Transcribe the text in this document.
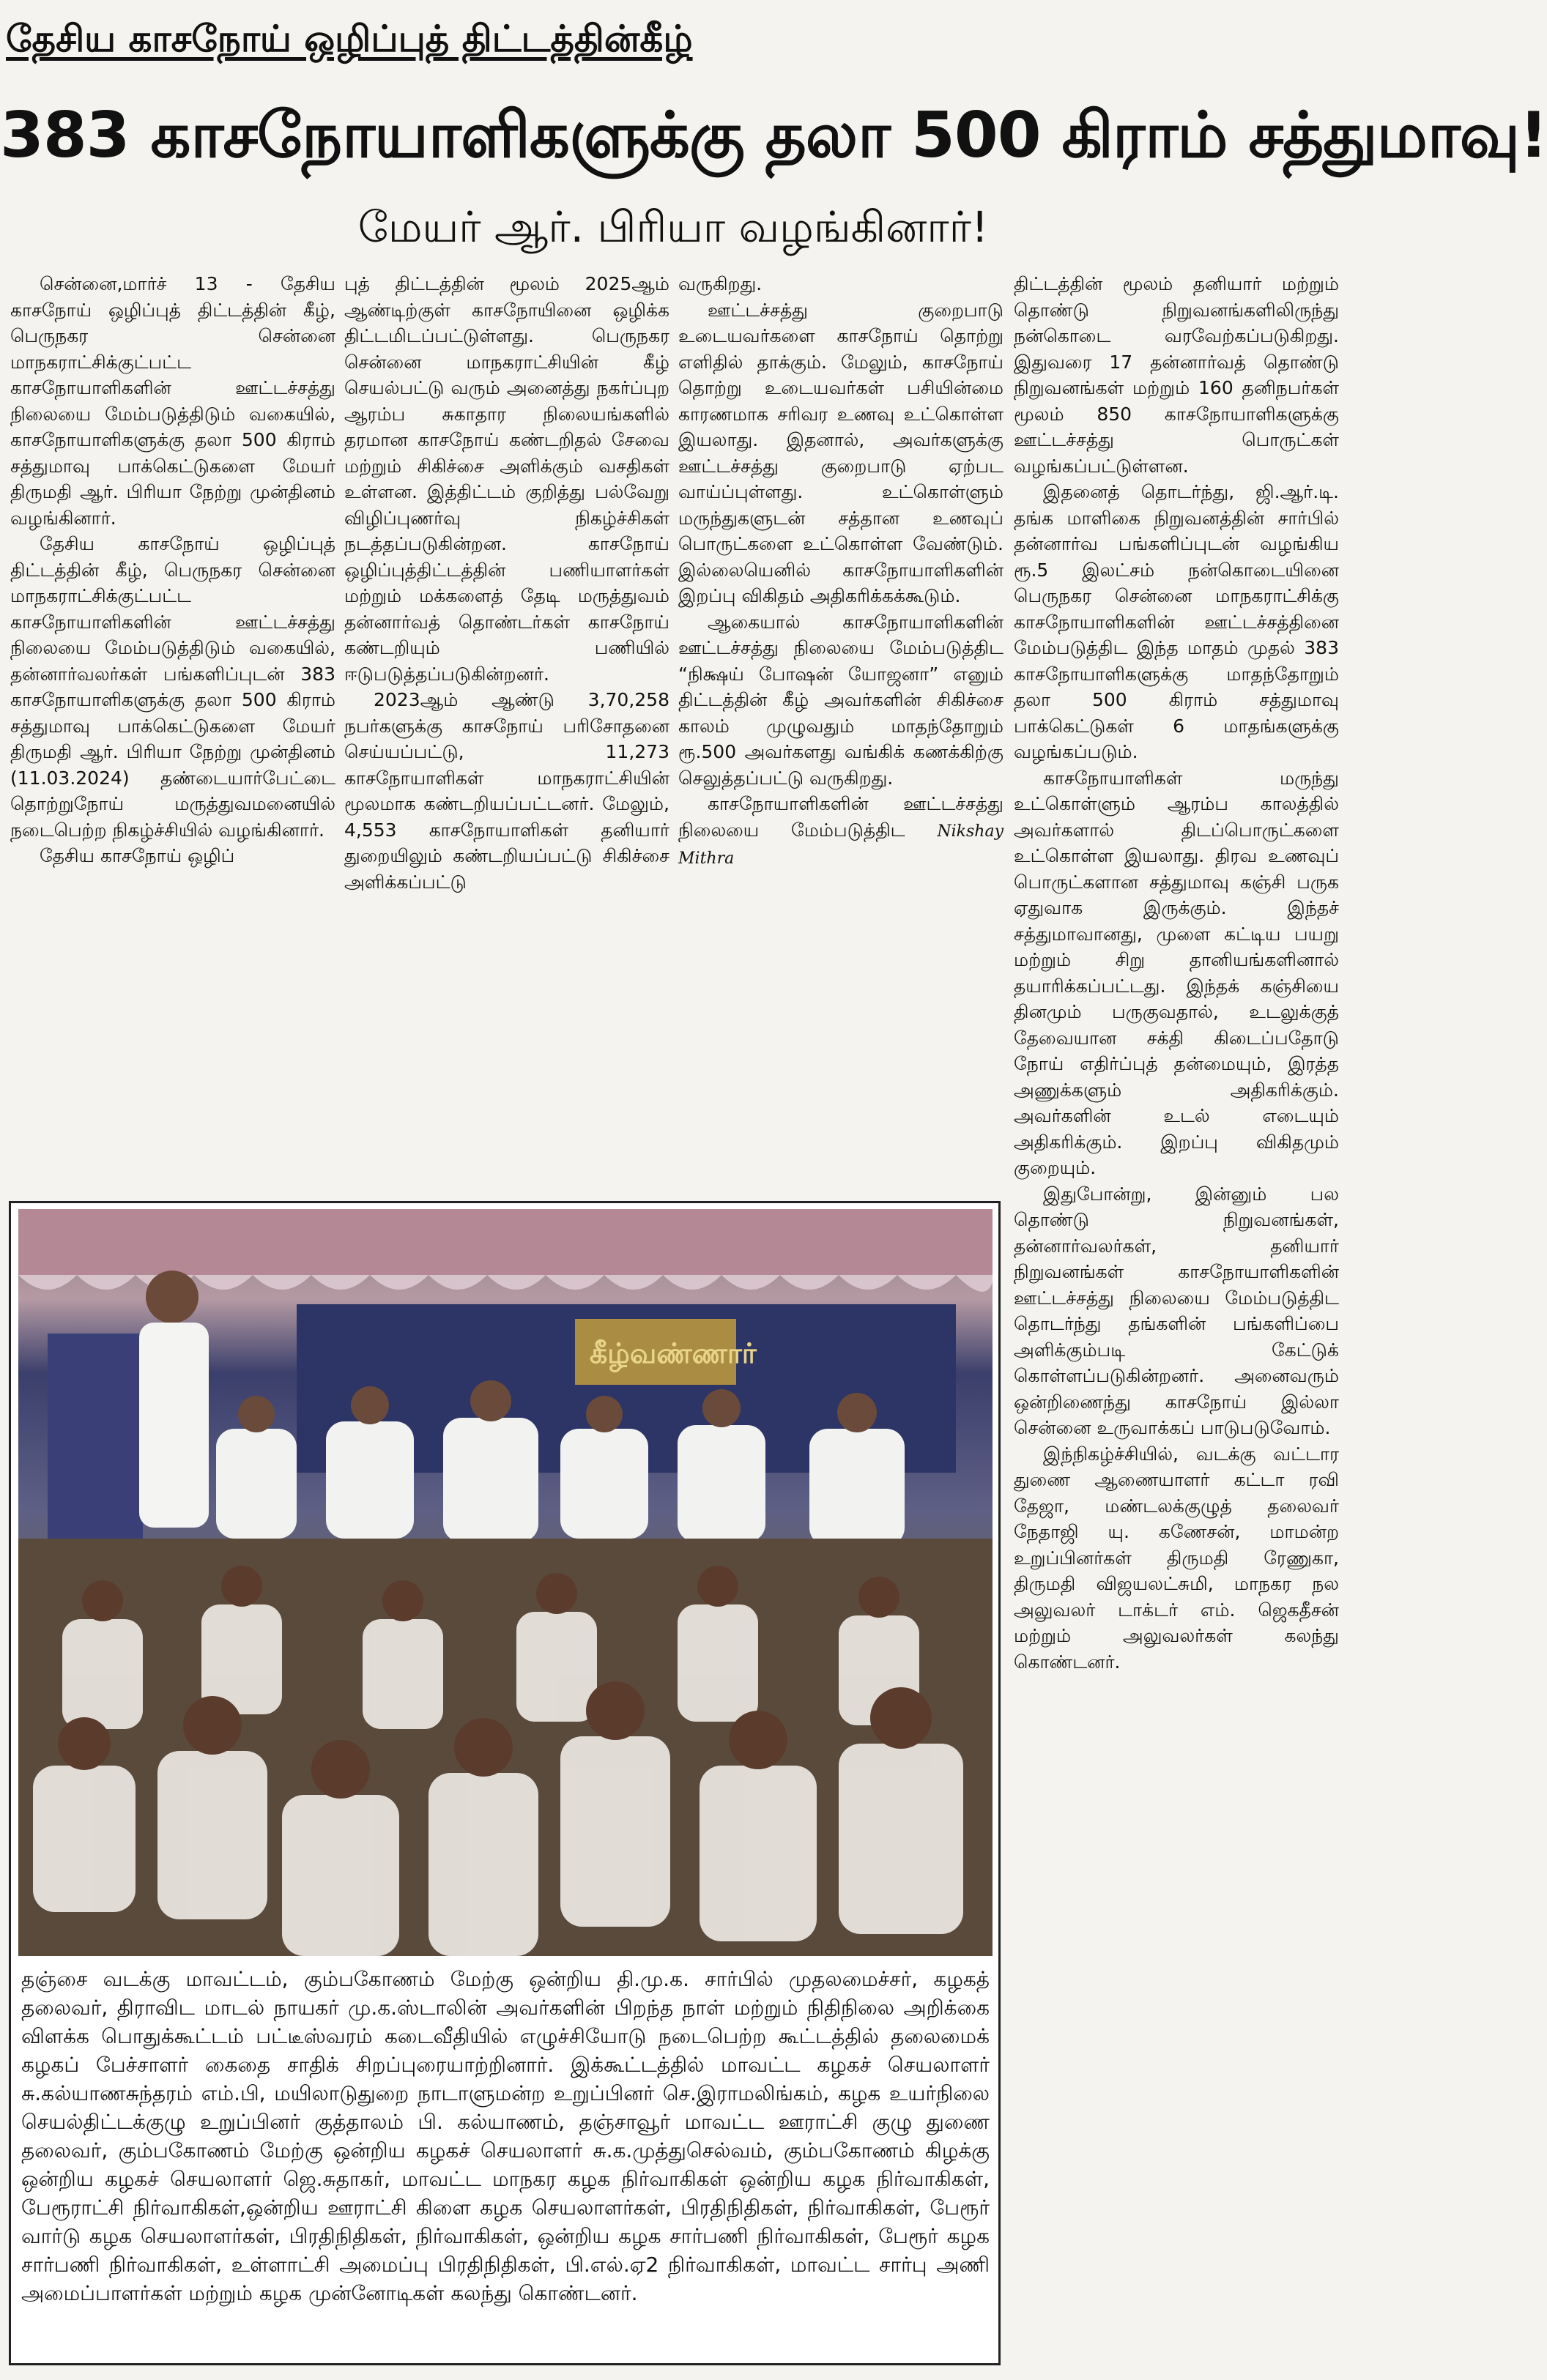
தேசிய காசநோய் ஒழிப்புத் திட்டத்தின்கீழ்
383 காசநோயாளிகளுக்கு தலா 500 கிராம் சத்துமாவு!
மேயர் ஆர். பிரியா வழங்கினார்!

சென்னை,மார்ச் 13 - தேசிய காசநோய் ஒழிப்புத் திட்டத்தின் கீழ், பெருநகர சென்னை மாநகராட்சிக்குட்பட்ட காசநோயாளிகளின் ஊட்டச்சத்து நிலையை மேம்படுத்திடும் வகையில், காசநோயாளிகளுக்கு தலா 500 கிராம் சத்துமாவு பாக்கெட்டுகளை மேயர் திருமதி ஆர். பிரியா நேற்று முன்தினம் வழங்கினார்.

தேசிய காசநோய் ஒழிப்புத் திட்டத்தின் கீழ், பெருநகர சென்னை மாநகராட்சிக்குட்பட்ட காசநோயாளிகளின் ஊட்டச்சத்து நிலையை மேம்படுத்திடும் வகையில், தன்னார்வலர்கள் பங்களிப்புடன் 383 காசநோயாளிகளுக்கு தலா 500 கிராம் சத்துமாவு பாக்கெட்டுகளை மேயர் திருமதி ஆர். பிரியா நேற்று முன்தினம் (11.03.2024) தண்டையார்பேட்டை தொற்றுநோய் மருத்துவமனையில் நடைபெற்ற நிகழ்ச்சியில் வழங்கினார்.

தேசிய காசநோய் ஒழிப்

புத் திட்டத்தின் மூலம் 2025ஆம் ஆண்டிற்குள் காசநோயினை ஒழிக்க திட்டமிடப்பட்டுள்ளது. பெருநகர சென்னை மாநகராட்சியின் கீழ் செயல்பட்டு வரும் அனைத்து நகர்ப்புற ஆரம்ப சுகாதார நிலையங்களில் தரமான காசநோய் கண்டறிதல் சேவை மற்றும் சிகிச்சை அளிக்கும் வசதிகள் உள்ளன. இத்திட்டம் குறித்து பல்வேறு விழிப்புணர்வு நிகழ்ச்சிகள் நடத்தப்படுகின்றன. காசநோய் ஒழிப்புத்திட்டத்தின் பணியாளர்கள் மற்றும் மக்களைத் தேடி மருத்துவம் தன்னார்வத் தொண்டர்கள் காசநோய் கண்டறியும் பணியில் ஈடுபடுத்தப்படுகின்றனர்.

2023ஆம் ஆண்டு 3,70,258 நபர்களுக்கு காசநோய் பரிசோதனை செய்யப்பட்டு, 11,273 காசநோயாளிகள் மாநகராட்சியின் மூலமாக கண்டறியப்பட்டனர். மேலும், 4,553 காசநோயாளிகள் தனியார் துறையிலும் கண்டறியப்பட்டு சிகிச்சை அளிக்கப்பட்டு

வருகிறது.

ஊட்டச்சத்து குறைபாடு உடையவர்களை காசநோய் தொற்று எளிதில் தாக்கும். மேலும், காசநோய் தொற்று உடையவர்கள் பசியின்மை காரணமாக சரிவர உணவு உட்கொள்ள இயலாது. இதனால், அவர்களுக்கு ஊட்டச்சத்து குறைபாடு ஏற்பட வாய்ப்புள்ளது. உட்கொள்ளும் மருந்துகளுடன் சத்தான உணவுப் பொருட்களை உட்கொள்ள வேண்டும். இல்லையெனில் காசநோயாளிகளின் இறப்பு விகிதம் அதிகரிக்கக்கூடும்.

ஆகையால் காசநோயாளிகளின் ஊட்டச்சத்து நிலையை மேம்படுத்திட “நிக்ஷய் போஷன் யோஜனா” எனும் திட்டத்தின் கீழ் அவர்களின் சிகிச்சை காலம் முழுவதும் மாதந்தோறும் ரூ.500 அவர்களது வங்கிக் கணக்கிற்கு செலுத்தப்பட்டு வருகிறது.

காசநோயாளிகளின் ஊட்டச்சத்து நிலையை மேம்படுத்திட Nikshay Mithra

திட்டத்தின் மூலம் தனியார் மற்றும் தொண்டு நிறுவனங்களிலிருந்து நன்கொடை வரவேற்கப்படுகிறது. இதுவரை 17 தன்னார்வத் தொண்டு நிறுவனங்கள் மற்றும் 160 தனிநபர்கள் மூலம் 850 காசநோயாளிகளுக்கு ஊட்டச்சத்து பொருட்கள் வழங்கப்பட்டுள்ளன.

இதனைத் தொடர்ந்து, ஜி.ஆர்.டி. தங்க மாளிகை நிறுவனத்தின் சார்பில் தன்னார்வ பங்களிப்புடன் வழங்கிய ரூ.5 இலட்சம் நன்கொடையினை பெருநகர சென்னை மாநகராட்சிக்கு காசநோயாளிகளின் ஊட்டச்சத்தினை மேம்படுத்திட இந்த மாதம் முதல் 383 காசநோயாளிகளுக்கு மாதந்தோறும் தலா 500 கிராம் சத்துமாவு பாக்கெட்டுகள் 6 மாதங்களுக்கு வழங்கப்படும்.

காசநோயாளிகள் மருந்து உட்கொள்ளும் ஆரம்ப காலத்தில் அவர்களால் திடப்பொருட்களை உட்கொள்ள இயலாது. திரவ உணவுப் பொருட்களான சத்துமாவு கஞ்சி பருக ஏதுவாக இருக்கும். இந்தச் சத்துமாவானது, முளை கட்டிய பயறு மற்றும் சிறு தானியங்களினால் தயாரிக்கப்பட்டது. இந்தக் கஞ்சியை தினமும் பருகுவதால், உடலுக்குத் தேவையான சக்தி கிடைப்பதோடு நோய் எதிர்ப்புத் தன்மையும், இரத்த அணுக்களும் அதிகரிக்கும். அவர்களின் உடல் எடையும் அதிகரிக்கும். இறப்பு விகிதமும் குறையும்.

இதுபோன்று, இன்னும் பல தொண்டு நிறுவனங்கள், தன்னார்வலர்கள், தனியார் நிறுவனங்கள் காசநோயாளிகளின் ஊட்டச்சத்து நிலையை மேம்படுத்திட தொடர்ந்து தங்களின் பங்களிப்பை அளிக்கும்படி கேட்டுக் கொள்ளப்படுகின்றனர். அனைவரும் ஒன்றிணைந்து காசநோய் இல்லா சென்னை உருவாக்கப் பாடுபடுவோம்.

இந்நிகழ்ச்சியில், வடக்கு வட்டார துணை ஆணையாளர் கட்டா ரவி தேஜா, மண்டலக்குழுத் தலைவர் நேதாஜி யு. கணேசன், மாமன்ற உறுப்பினர்கள் திருமதி ரேணுகா, திருமதி விஜயலட்சுமி, மாநகர நல அலுவலர் டாக்டர் எம். ஜெகதீசன் மற்றும் அலுவலர்கள் கலந்து கொண்டனர்.

கீழ்வண்ணார்

தஞ்சை வடக்கு மாவட்டம், கும்பகோணம் மேற்கு ஒன்றிய தி.மு.க. சார்பில் முதலமைச்சர், கழகத் தலைவர், திராவிட மாடல் நாயகர் மு.க.ஸ்டாலின் அவர்களின் பிறந்த நாள் மற்றும் நிதிநிலை அறிக்கை விளக்க பொதுக்கூட்டம் பட்டீஸ்வரம் கடைவீதியில் எழுச்சியோடு நடைபெற்ற கூட்டத்தில் தலைமைக் கழகப் பேச்சாளர் கைதை சாதிக் சிறப்புரையாற்றினார். இக்கூட்டத்தில் மாவட்ட கழகச் செயலாளர் சு.கல்யாணசுந்தரம் எம்.பி, மயிலாடுதுறை நாடாளுமன்ற உறுப்பினர் செ.இராமலிங்கம், கழக உயர்நிலை செயல்திட்டக்குழு உறுப்பினர் குத்தாலம் பி. கல்யாணம், தஞ்சாவூர் மாவட்ட ஊராட்சி குழு துணை தலைவர், கும்பகோணம் மேற்கு ஒன்றிய கழகச் செயலாளர் சு.க.முத்துசெல்வம், கும்பகோணம் கிழக்கு ஒன்றிய கழகச் செயலாளர் ஜெ.சுதாகர், மாவட்ட மாநகர கழக நிர்வாகிகள் ஒன்றிய கழக நிர்வாகிகள், பேரூராட்சி நிர்வாகிகள்,ஒன்றிய ஊராட்சி கிளை கழக செயலாளர்கள், பிரதிநிதிகள், நிர்வாகிகள், பேரூர் வார்டு கழக செயலாளர்கள், பிரதிநிதிகள், நிர்வாகிகள், ஒன்றிய கழக சார்பணி நிர்வாகிகள், பேரூர் கழக சார்பணி நிர்வாகிகள், உள்ளாட்சி அமைப்பு பிரதிநிதிகள், பி.எல்.ஏ2 நிர்வாகிகள், மாவட்ட சார்பு அணி அமைப்பாளர்கள் மற்றும் கழக முன்னோடிகள் கலந்து கொண்டனர்.
